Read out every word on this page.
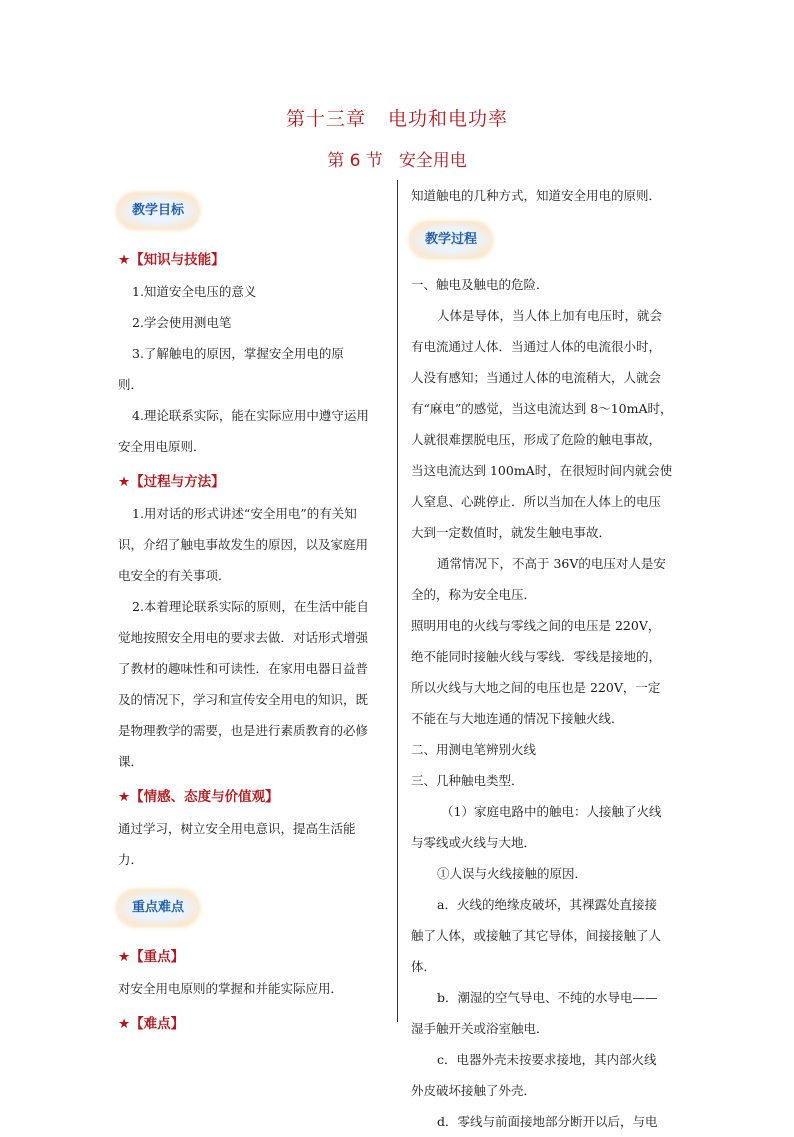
第十三章 电功和电功率
第 6 节 安全用电
教学目标
★【知识与技能】

1.知道安全电压的意义

2.学会使用测电笔

3.了解触电的原因，掌握安全用电的原

则．

4.理论联系实际，能在实际应用中遵守运用

安全用电原则．

★【过程与方法】

1.用对话的形式讲述“安全用电”的有关知

识，介绍了触电事故发生的原因，以及家庭用

电安全的有关事项．

2.本着理论联系实际的原则，在生活中能自

觉地按照安全用电的要求去做．对话形式增强

了教材的趣味性和可读性．在家用电器日益普

及的情况下，学习和宣传安全用电的知识，既

是物理教学的需要，也是进行素质教育的必修

课．

★【情感、态度与价值观】

通过学习，树立安全用电意识，提高生活能

力．

重点难点
★【重点】

对安全用电原则的掌握和并能实际应用．

★【难点】

知道触电的几种方式，知道安全用电的原则．

教学过程

一、触电及触电的危险．

人体是导体，当人体上加有电压时，就会

有电流通过人体．当通过人体的电流很小时，

人没有感知；当通过人体的电流稍大，人就会

有“麻电”的感觉，当这电流达到 8～10mA时，

人就很难摆脱电压，形成了危险的触电事故，

当这电流达到 100mA时，在很短时间内就会使

人窒息、心跳停止．所以当加在人体上的电压

大到一定数值时，就发生触电事故．

通常情况下，不高于 36V的电压对人是安

全的，称为安全电压．

照明用电的火线与零线之间的电压是 220V，

绝不能同时接触火线与零线．零线是接地的，

所以火线与大地之间的电压也是 220V，一定

不能在与大地连通的情况下接触火线．

二、用测电笔辨别火线

三、几种触电类型．

（1）家庭电路中的触电：人接触了火线

与零线或火线与大地．

①人误与火线接触的原因．

a．火线的绝缘皮破坏，其裸露处直接接

触了人体，或接触了其它导体，间接接触了人

体．

b．潮湿的空气导电、不纯的水导电——

湿手触开关或浴室触电．

c．电器外壳未按要求接地，其内部火线

外皮破坏接触了外壳．

d．零线与前面接地部分断开以后，与电
